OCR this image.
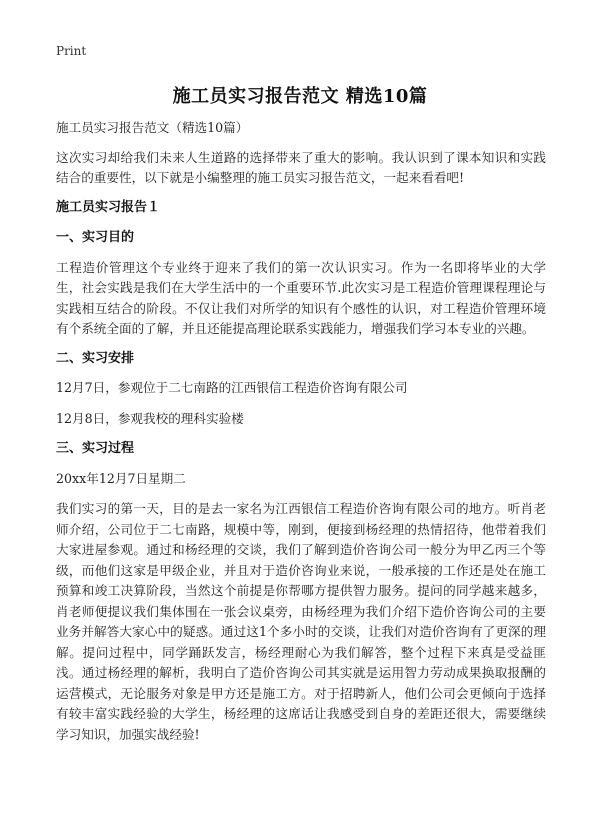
Print
施工员实习报告范文 精选10篇

施工员实习报告范文（精选10篇）

这次实习却给我们未来人生道路的选择带来了重大的影响。我认识到了课本知识和实践结合的重要性，以下就是小编整理的施工员实习报告范文，一起来看看吧!

施工员实习报告１

一、实习目的

工程造价管理这个专业终于迎来了我们的第一次认识实习。作为一名即将毕业的大学生，社会实践是我们在大学生活中的一个重要环节.此次实习是工程造价管理课程理论与实践相互结合的阶段。不仅让我们对所学的知识有个感性的认识，对工程造价管理环境有个系统全面的了解，并且还能提高理论联系实践能力，增强我们学习本专业的兴趣。

二、实习安排

12月7日，参观位于二七南路的江西银信工程造价咨询有限公司

12月8日，参观我校的理科实验楼

三、实习过程

20xx年12月7日星期二

我们实习的第一天，目的是去一家名为江西银信工程造价咨询有限公司的地方。听肖老师介绍，公司位于二七南路，规模中等，刚到，便接到杨经理的热情招待，他带着我们大家进屋参观。通过和杨经理的交谈，我们了解到造价咨询公司一般分为甲乙丙三个等级，而他们这家是甲级企业，并且对于造价咨询业来说，一般承接的工作还是处在施工预算和竣工决算阶段，当然这个前提是你帮哪方提供智力服务。提问的同学越来越多，肖老师便提议我们集体围在一张会议桌旁，由杨经理为我们介绍下造价咨询公司的主要业务并解答大家心中的疑惑。通过这1个多小时的交谈，让我们对造价咨询有了更深的理解。提问过程中，同学踊跃发言，杨经理耐心为我们解答，整个过程下来真是受益匪浅。通过杨经理的解析，我明白了造价咨询公司其实就是运用智力劳动成果换取报酬的运营模式，无论服务对象是甲方还是施工方。对于招聘新人，他们公司会更倾向于选择有较丰富实践经验的大学生，杨经理的这席话让我感受到自身的差距还很大，需要继续学习知识，加强实战经验!
